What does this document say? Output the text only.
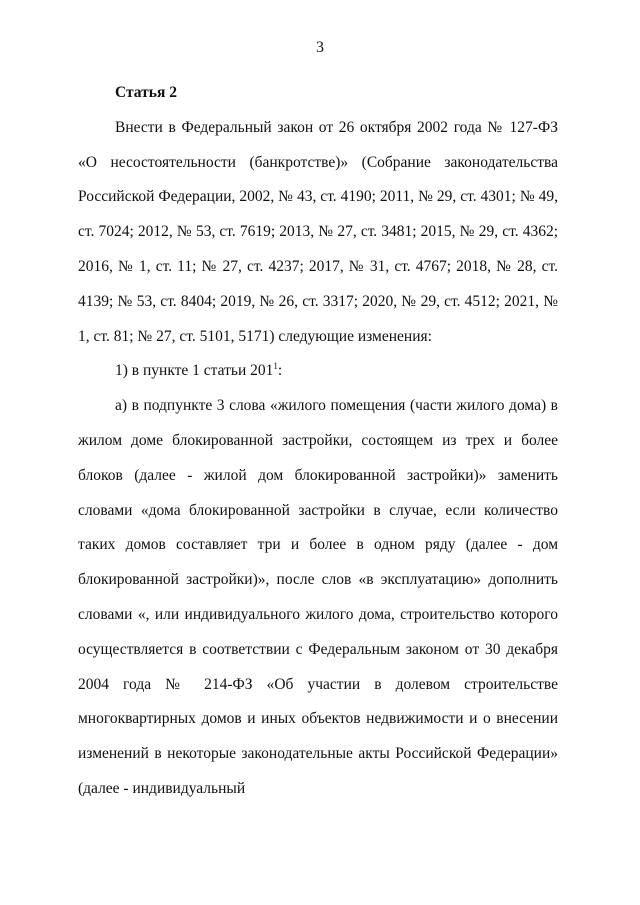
3

Статья 2

Внести в Федеральный закон от 26 октября 2002 года № 127-ФЗ «О несостоятельности (банкротстве)» (Собрание законодательства Российской Федерации, 2002, № 43, ст. 4190; 2011, № 29, ст. 4301; № 49, ст. 7024; 2012, № 53, ст. 7619; 2013, № 27, ст. 3481; 2015, № 29, ст. 4362; 2016, № 1, ст. 11; № 27, ст. 4237; 2017, № 31, ст. 4767; 2018, № 28, ст. 4139; № 53, ст. 8404; 2019, № 26, ст. 3317; 2020, № 29, ст. 4512; 2021, № 1, ст. 81; № 27, ст. 5101, 5171) следующие изменения:

1) в пункте 1 статьи $201^1$:

а) в подпункте 3 слова «жилого помещения (части жилого дома) в жилом доме блокированной застройки, состоящем из трех и более блоков (далее - жилой дом блокированной застройки)» заменить словами «дома блокированной застройки в случае, если количество таких домов составляет три и более в одном ряду (далее - дом блокированной застройки)», после слов «в эксплуатацию» дополнить словами «, или индивидуального жилого дома, строительство которого осуществляется в соответствии с Федеральным законом от 30 декабря 2004 года № 214-ФЗ «Об участии в долевом строительстве многоквартирных домов и иных объектов недвижимости и о внесении изменений в некоторые законодательные акты Российской Федерации» (далее - индивидуальный
